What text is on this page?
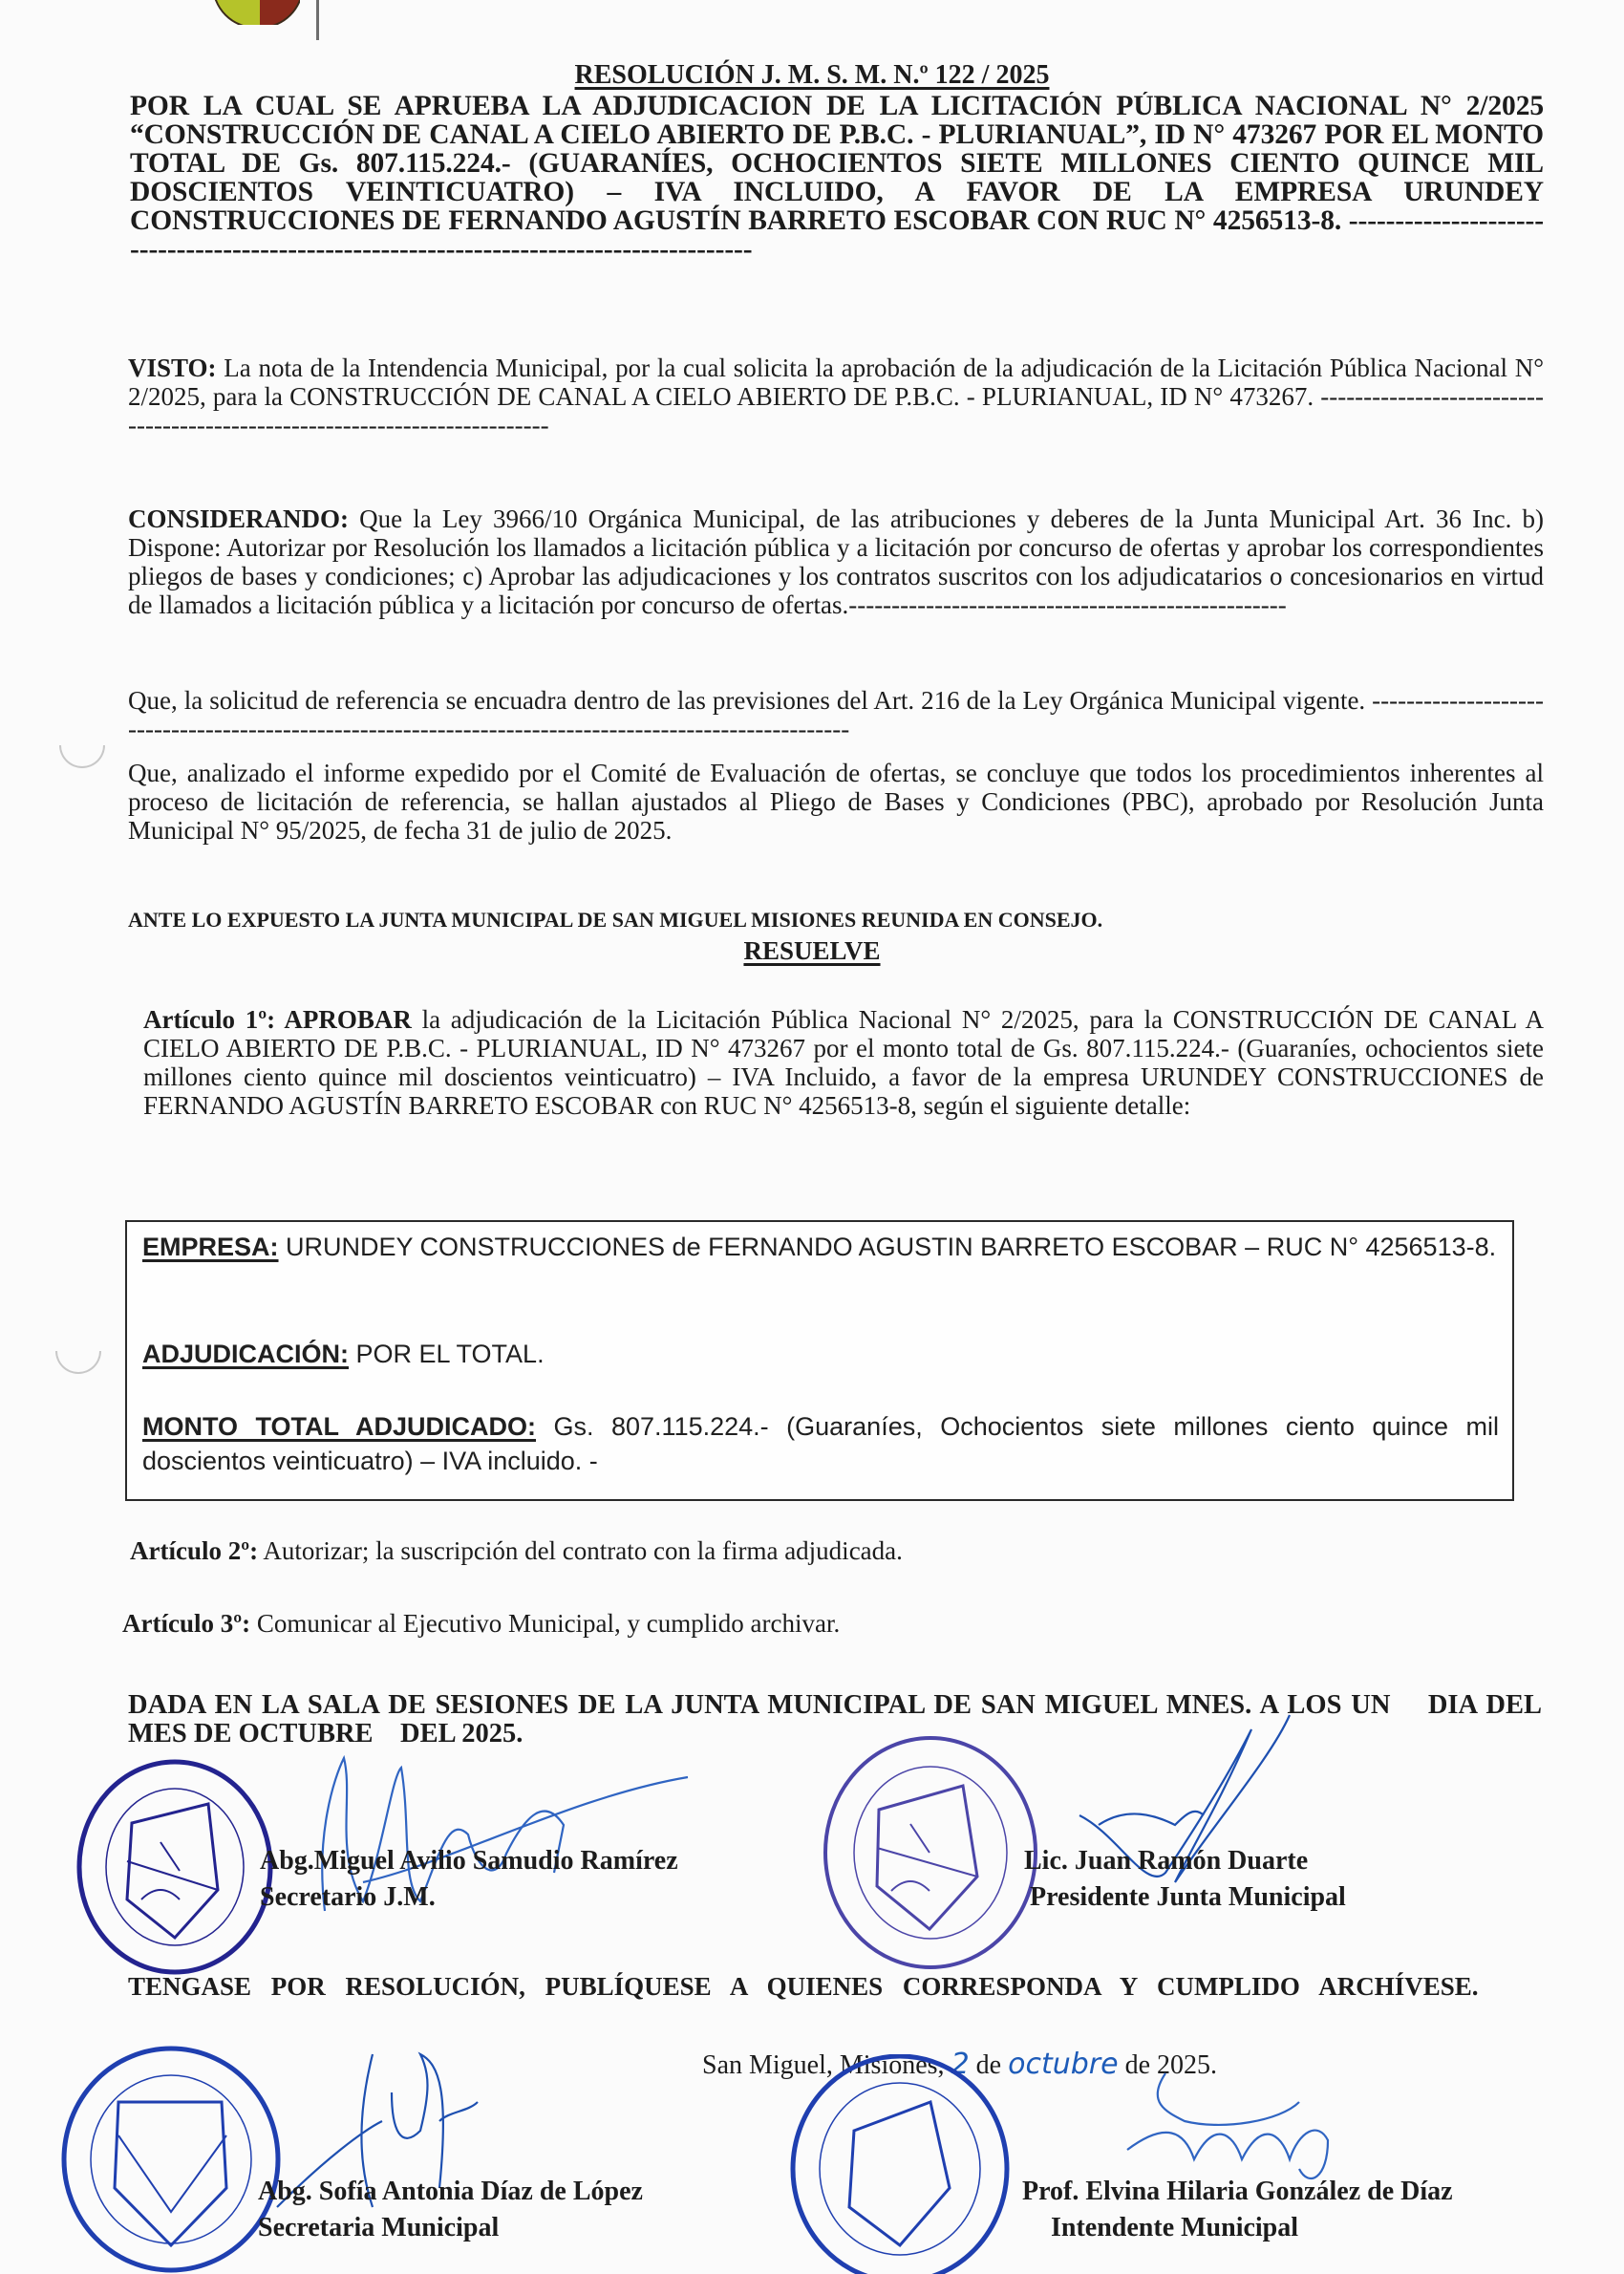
RESOLUCIÓN J. M. S. M. N.º 122 / 2025
POR LA CUAL SE APRUEBA LA ADJUDICACION DE LA LICITACIÓN PÚBLICA NACIONAL N° 2/2025 “CONSTRUCCIÓN DE CANAL A CIELO ABIERTO DE P.B.C. - PLURIANUAL”, ID N° 473267 POR EL MONTO TOTAL DE Gs. 807.115.224.- (GUARANÍES, OCHOCIENTOS SIETE MILLONES CIENTO QUINCE MIL DOSCIENTOS VEINTICUATRO) – IVA INCLUIDO, A FAVOR DE LA EMPRESA URUNDEY CONSTRUCCIONES DE FERNANDO AGUSTÍN BARRETO ESCOBAR CON RUC N° 4256513-8. ----------------------------------------------------------------------------------------
VISTO: La nota de la Intendencia Municipal, por la cual solicita la aprobación de la adjudicación de la Licitación Pública Nacional N° 2/2025, para la CONSTRUCCIÓN DE CANAL A CIELO ABIERTO DE P.B.C. - PLURIANUAL, ID N° 473267. ---------------------------------------------------------------------------
CONSIDERANDO: Que la Ley 3966/10 Orgánica Municipal, de las atribuciones y deberes de la Junta Municipal Art. 36 Inc. b) Dispone: Autorizar por Resolución los llamados a licitación pública y a licitación por concurso de ofertas y aprobar los correspondientes pliegos de bases y condiciones; c) Aprobar las adjudicaciones y los contratos suscritos con los adjudicatarios o concesionarios en virtud de llamados a licitación pública y a licitación por concurso de ofertas.---------------------------------------------------
Que, la solicitud de referencia se encuadra dentro de las previsiones del Art. 216 de la Ley Orgánica Municipal vigente. --------------------------------------------------------------------------------------------------------
Que, analizado el informe expedido por el Comité de Evaluación de ofertas, se concluye que todos los procedimientos inherentes al proceso de licitación de referencia, se hallan ajustados al Pliego de Bases y Condiciones (PBC), aprobado por Resolución Junta Municipal N° 95/2025, de fecha 31 de julio de 2025.
ANTE LO EXPUESTO LA JUNTA MUNICIPAL DE SAN MIGUEL MISIONES REUNIDA EN CONSEJO.
RESUELVE
Artículo 1º: APROBAR la adjudicación de la Licitación Pública Nacional N° 2/2025, para la CONSTRUCCIÓN DE CANAL A CIELO ABIERTO DE P.B.C. - PLURIANUAL, ID N° 473267 por el monto total de Gs. 807.115.224.- (Guaraníes, ochocientos siete millones ciento quince mil doscientos veinticuatro) – IVA Incluido, a favor de la empresa URUNDEY CONSTRUCCIONES de FERNANDO AGUSTÍN BARRETO ESCOBAR con RUC N° 4256513-8, según el siguiente detalle:
EMPRESA: URUNDEY CONSTRUCCIONES de FERNANDO AGUSTIN BARRETO ESCOBAR – RUC N° 4256513-8.
ADJUDICACIÓN: POR EL TOTAL.
MONTO TOTAL ADJUDICADO: Gs. 807.115.224.- (Guaraníes, Ochocientos siete millones ciento quince mil doscientos veinticuatro) – IVA incluido. -
Artículo 2º: Autorizar; la suscripción del contrato con la firma adjudicada.
Artículo 3º: Comunicar al Ejecutivo Municipal, y cumplido archivar.
DADA EN LA SALA DE SESIONES DE LA JUNTA MUNICIPAL DE SAN MIGUEL MNES. A LOS UN    DIA DEL MES DE OCTUBRE    DEL 2025.
Abg.Miguel Avilio Samudio Ramírez
Secretario J.M.
Lic. Juan Ramón Duarte
Presidente Junta Municipal
TENGASE POR RESOLUCIÓN, PUBLÍQUESE A QUIENES CORRESPONDA Y CUMPLIDO ARCHÍVESE.
San Miguel, Misiones, 2 de octubre de 2025.
Abg. Sofía Antonia Díaz de López
Secretaria Municipal
Prof. Elvina Hilaria González de Díaz
Intendente Municipal
